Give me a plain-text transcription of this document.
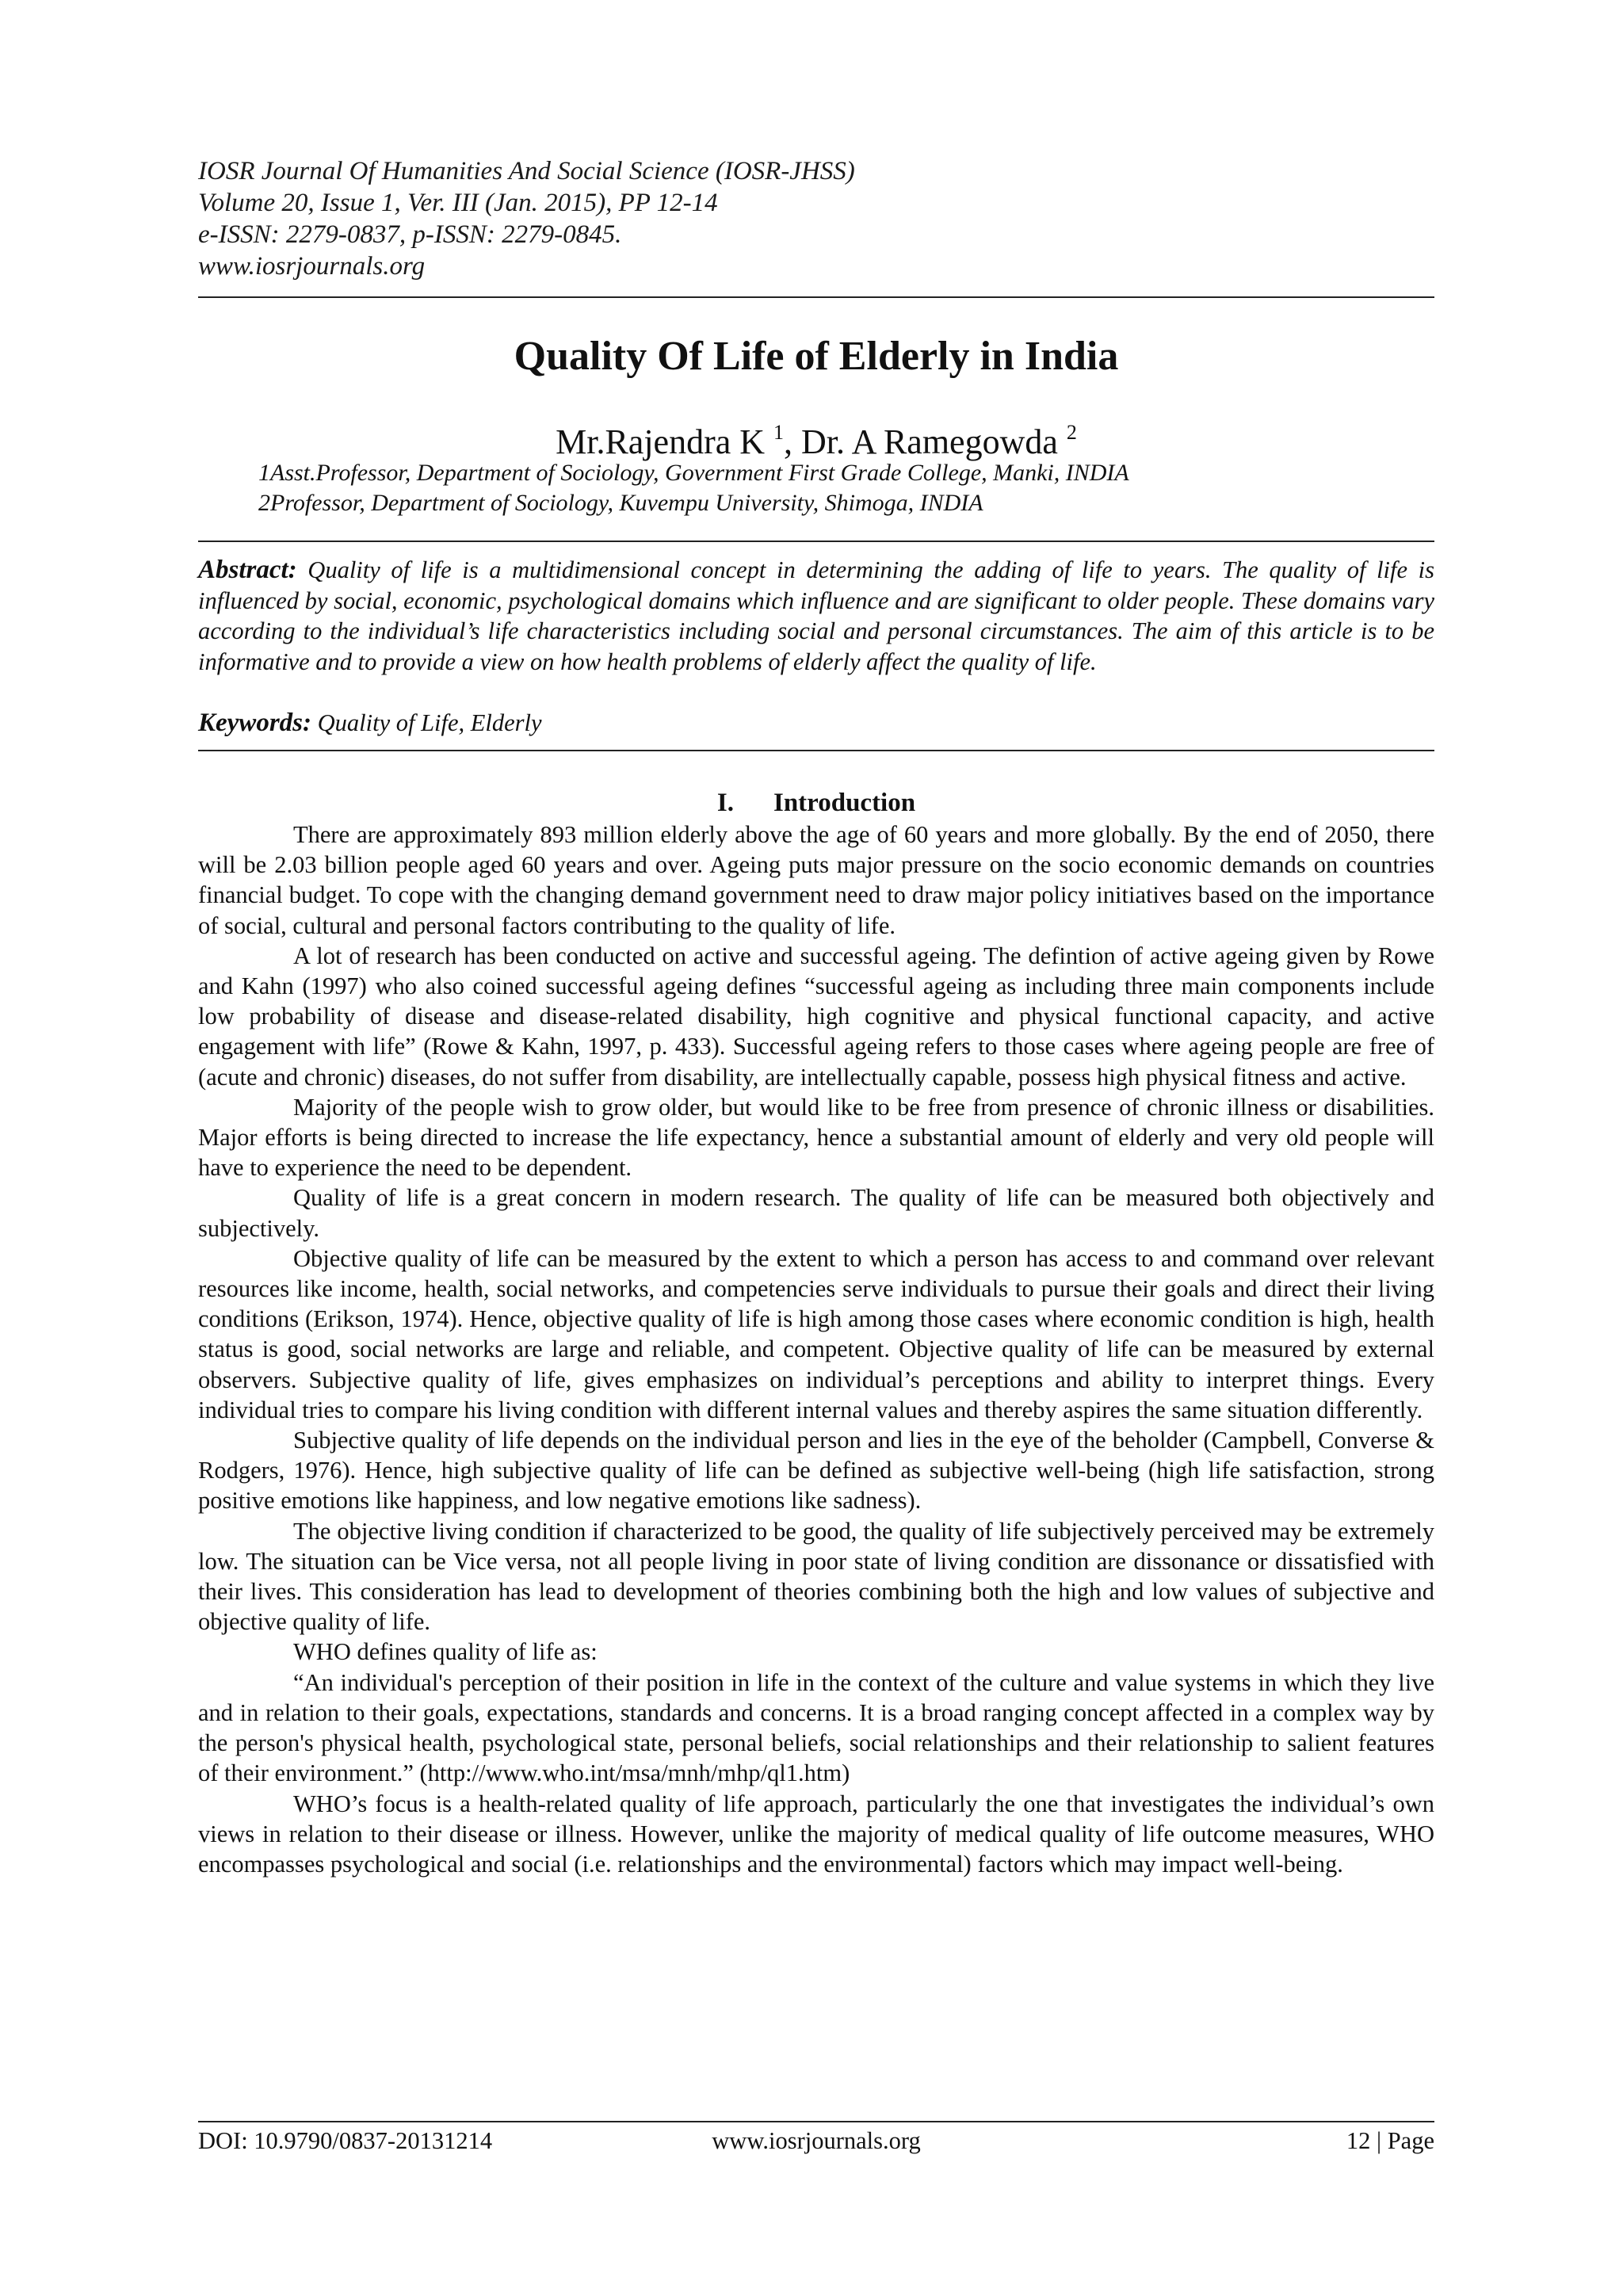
IOSR Journal Of Humanities And Social Science (IOSR-JHSS)
Volume 20, Issue 1, Ver. III (Jan. 2015), PP 12-14
e-ISSN: 2279-0837, p-ISSN: 2279-0845.
www.iosrjournals.org
Quality Of Life of Elderly in India
Mr.Rajendra K $^1$, Dr. A Ramegowda $^2$
1Asst.Professor, Department of Sociology, Government First Grade College, Manki, INDIA
2Professor, Department of Sociology, Kuvempu University, Shimoga, INDIA
Abstract: Quality of life is a multidimensional concept in determining the adding of life to years. The quality of life is influenced by social, economic, psychological domains which influence and are significant to older people. These domains vary according to the individual’s life characteristics including social and personal circumstances. The aim of this article is to be informative and to provide a view on how health problems of elderly affect the quality of life.
Keywords: Quality of Life, Elderly
I. Introduction

There are approximately 893 million elderly above the age of 60 years and more globally. By the end of 2050, there will be 2.03 billion people aged 60 years and over. Ageing puts major pressure on the socio economic demands on countries financial budget. To cope with the changing demand government need to draw major policy initiatives based on the importance of social, cultural and personal factors contributing to the quality of life.

A lot of research has been conducted on active and successful ageing. The defintion of active ageing given by Rowe and Kahn (1997) who also coined successful ageing defines “successful ageing as including three main components include low probability of disease and disease-related disability, high cognitive and physical functional capacity, and active engagement with life” (Rowe & Kahn, 1997, p. 433). Successful ageing refers to those cases where ageing people are free of (acute and chronic) diseases, do not suffer from disability, are intellectually capable, possess high physical fitness and active.

Majority of the people wish to grow older, but would like to be free from presence of chronic illness or disabilities. Major efforts is being directed to increase the life expectancy, hence a substantial amount of elderly and very old people will have to experience the need to be dependent.

Quality of life is a great concern in modern research. The quality of life can be measured both objectively and subjectively.

Objective quality of life can be measured by the extent to which a person has access to and command over relevant resources like income, health, social networks, and competencies serve individuals to pursue their goals and direct their living conditions (Erikson, 1974). Hence, objective quality of life is high among those cases where economic condition is high, health status is good, social networks are large and reliable, and competent. Objective quality of life can be measured by external observers. Subjective quality of life, gives emphasizes on individual’s perceptions and ability to interpret things. Every individual tries to compare his living condition with different internal values and thereby aspires the same situation differently.

Subjective quality of life depends on the individual person and lies in the eye of the beholder (Campbell, Converse & Rodgers, 1976). Hence, high subjective quality of life can be defined as subjective well-being (high life satisfaction, strong positive emotions like happiness, and low negative emotions like sadness).

The objective living condition if characterized to be good, the quality of life subjectively perceived may be extremely low. The situation can be Vice versa, not all people living in poor state of living condition are dissonance or dissatisfied with their lives. This consideration has lead to development of theories combining both the high and low values of subjective and objective quality of life.

WHO defines quality of life as:

“An individual's perception of their position in life in the context of the culture and value systems in which they live and in relation to their goals, expectations, standards and concerns. It is a broad ranging concept affected in a complex way by the person's physical health, psychological state, personal beliefs, social relationships and their relationship to salient features of their environment.” (http://www.who.int/msa/mnh/mhp/ql1.htm)

WHO’s focus is a health-related quality of life approach, particularly the one that investigates the individual’s own views in relation to their disease or illness. However, unlike the majority of medical quality of life outcome measures, WHO encompasses psychological and social (i.e. relationships and the environmental) factors which may impact well-being.

DOI: 10.9790/0837-20131214	www.iosrjournals.org	12 | Page
